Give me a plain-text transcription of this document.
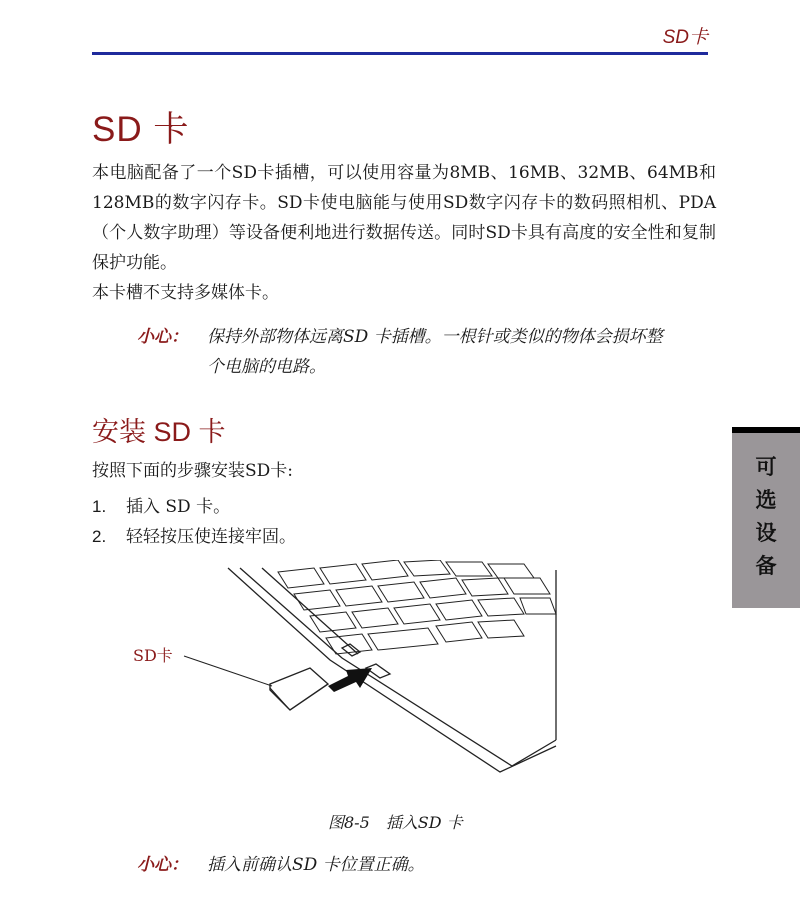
SD卡
SD 卡

本电脑配备了一个SD卡插槽，可以使用容量为8MB、16MB、32MB、64MB和128MB的数字闪存卡。SD卡使电脑能与使用SD数字闪存卡的数码照相机、PDA（个人数字助理）等设备便利地进行数据传送。同时SD卡具有高度的安全性和复制保护功能。

本卡槽不支持多媒体卡。

小心： 保持外部物体远离SD 卡插槽。一根针或类似的物体会损坏整个电脑的电路。
安装 SD 卡
按照下面的步骤安装SD卡:
1.	插入 SD 卡。
2.	轻轻按压使连接牢固。
SD卡
图8-5　插入SD 卡
小心： 插入前确认SD 卡位置正确。
可
选
设
备
